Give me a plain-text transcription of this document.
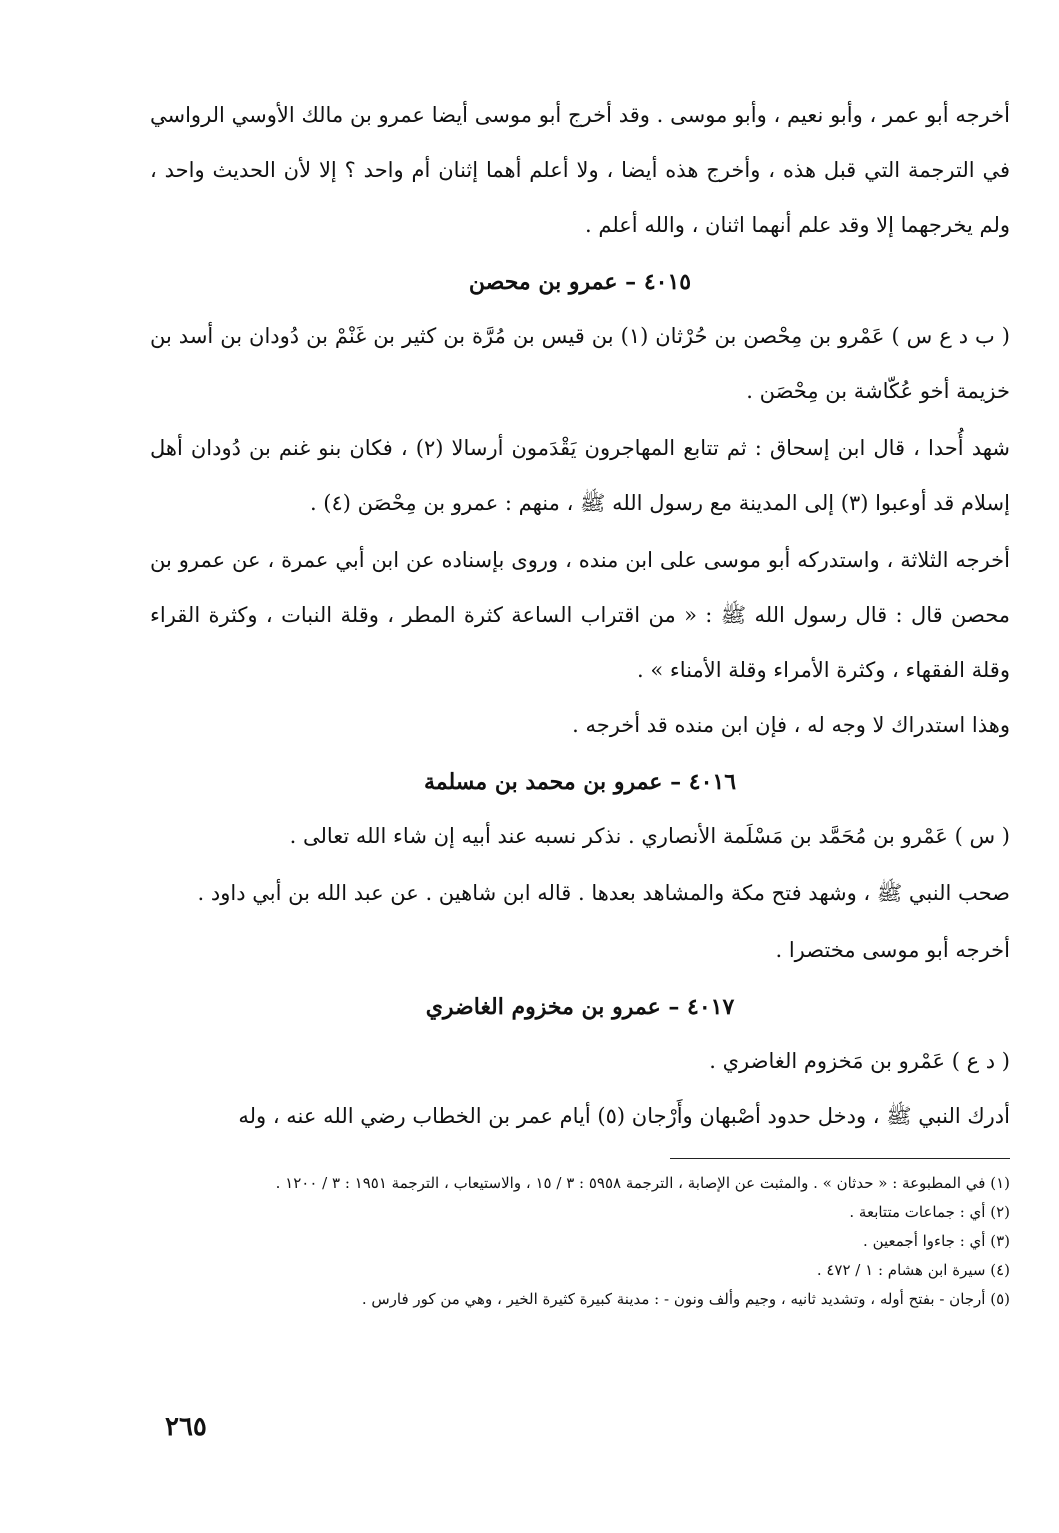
أخرجه أبو عمر ، وأبو نعيم ، وأبو موسى . وقد أخرج أبو موسى أيضا عمرو بن مالك الأوسي الرواسي في الترجمة التي قبل هذه ، وأخرج هذه أيضا ، ولا أعلم أهما إثنان أم واحد ؟ إلا لأن الحديث واحد ، ولم يخرجهما إلا وقد علم أنهما اثنان ، والله أعلم .

٤٠١٥ – عمرو بن محصن

( ب د ع س ) عَمْرو بن مِحْصن بن حُرْثان (١) بن قيس بن مُرَّة بن كثير بن غَنْمْ بن دُودان بن أسد بن خزيمة أخو عُكّاشة بن مِحْصَن .

شهد أُحدا ، قال ابن إسحاق : ثم تتابع المهاجرون يَقْدَمون أرسالا (٢) ، فكان بنو غنم بن دُودان أهل إسلام قد أوعبوا (٣) إلى المدينة مع رسول الله ﷺ ، منهم : عمرو بن مِحْصَن (٤) .

أخرجه الثلاثة ، واستدركه أبو موسى على ابن منده ، وروى بإسناده عن ابن أبي عمرة ، عن عمرو بن محصن قال : قال رسول الله ﷺ : « من اقتراب الساعة كثرة المطر ، وقلة النبات ، وكثرة القراء وقلة الفقهاء ، وكثرة الأمراء وقلة الأمناء » .

وهذا استدراك لا وجه له ، فإن ابن منده قد أخرجه .

٤٠١٦ – عمرو بن محمد بن مسلمة

( س ) عَمْرو بن مُحَمَّد بن مَسْلَمة الأنصاري . نذكر نسبه عند أبيه إن شاء الله تعالى .

صحب النبي ﷺ ، وشهد فتح مكة والمشاهد بعدها . قاله ابن شاهين . عن عبد الله بن أبي داود .

أخرجه أبو موسى مختصرا .

٤٠١٧ – عمرو بن مخزوم الغاضري

( د ع ) عَمْرو بن مَخزوم الغاضري .

أدرك النبي ﷺ ، ودخل حدود أصْبهان وأَرْجان (٥) أيام عمر بن الخطاب رضي الله عنه ، وله

(١) في المطبوعة : « حدثان » . والمثبت عن الإصابة ، الترجمة ٥٩٥٨ : ٣ / ١٥ ، والاستيعاب ، الترجمة ١٩٥١ : ٣ / ١٢٠٠ .

(٢) أي : جماعات متتابعة .

(٣) أي : جاءوا أجمعين .

(٤) سيرة ابن هشام : ١ / ٤٧٢ .

(٥) أرجان - بفتح أوله ، وتشديد ثانيه ، وجيم وألف ونون - : مدينة كبيرة كثيرة الخير ، وهي من كور فارس .

٢٦٥
